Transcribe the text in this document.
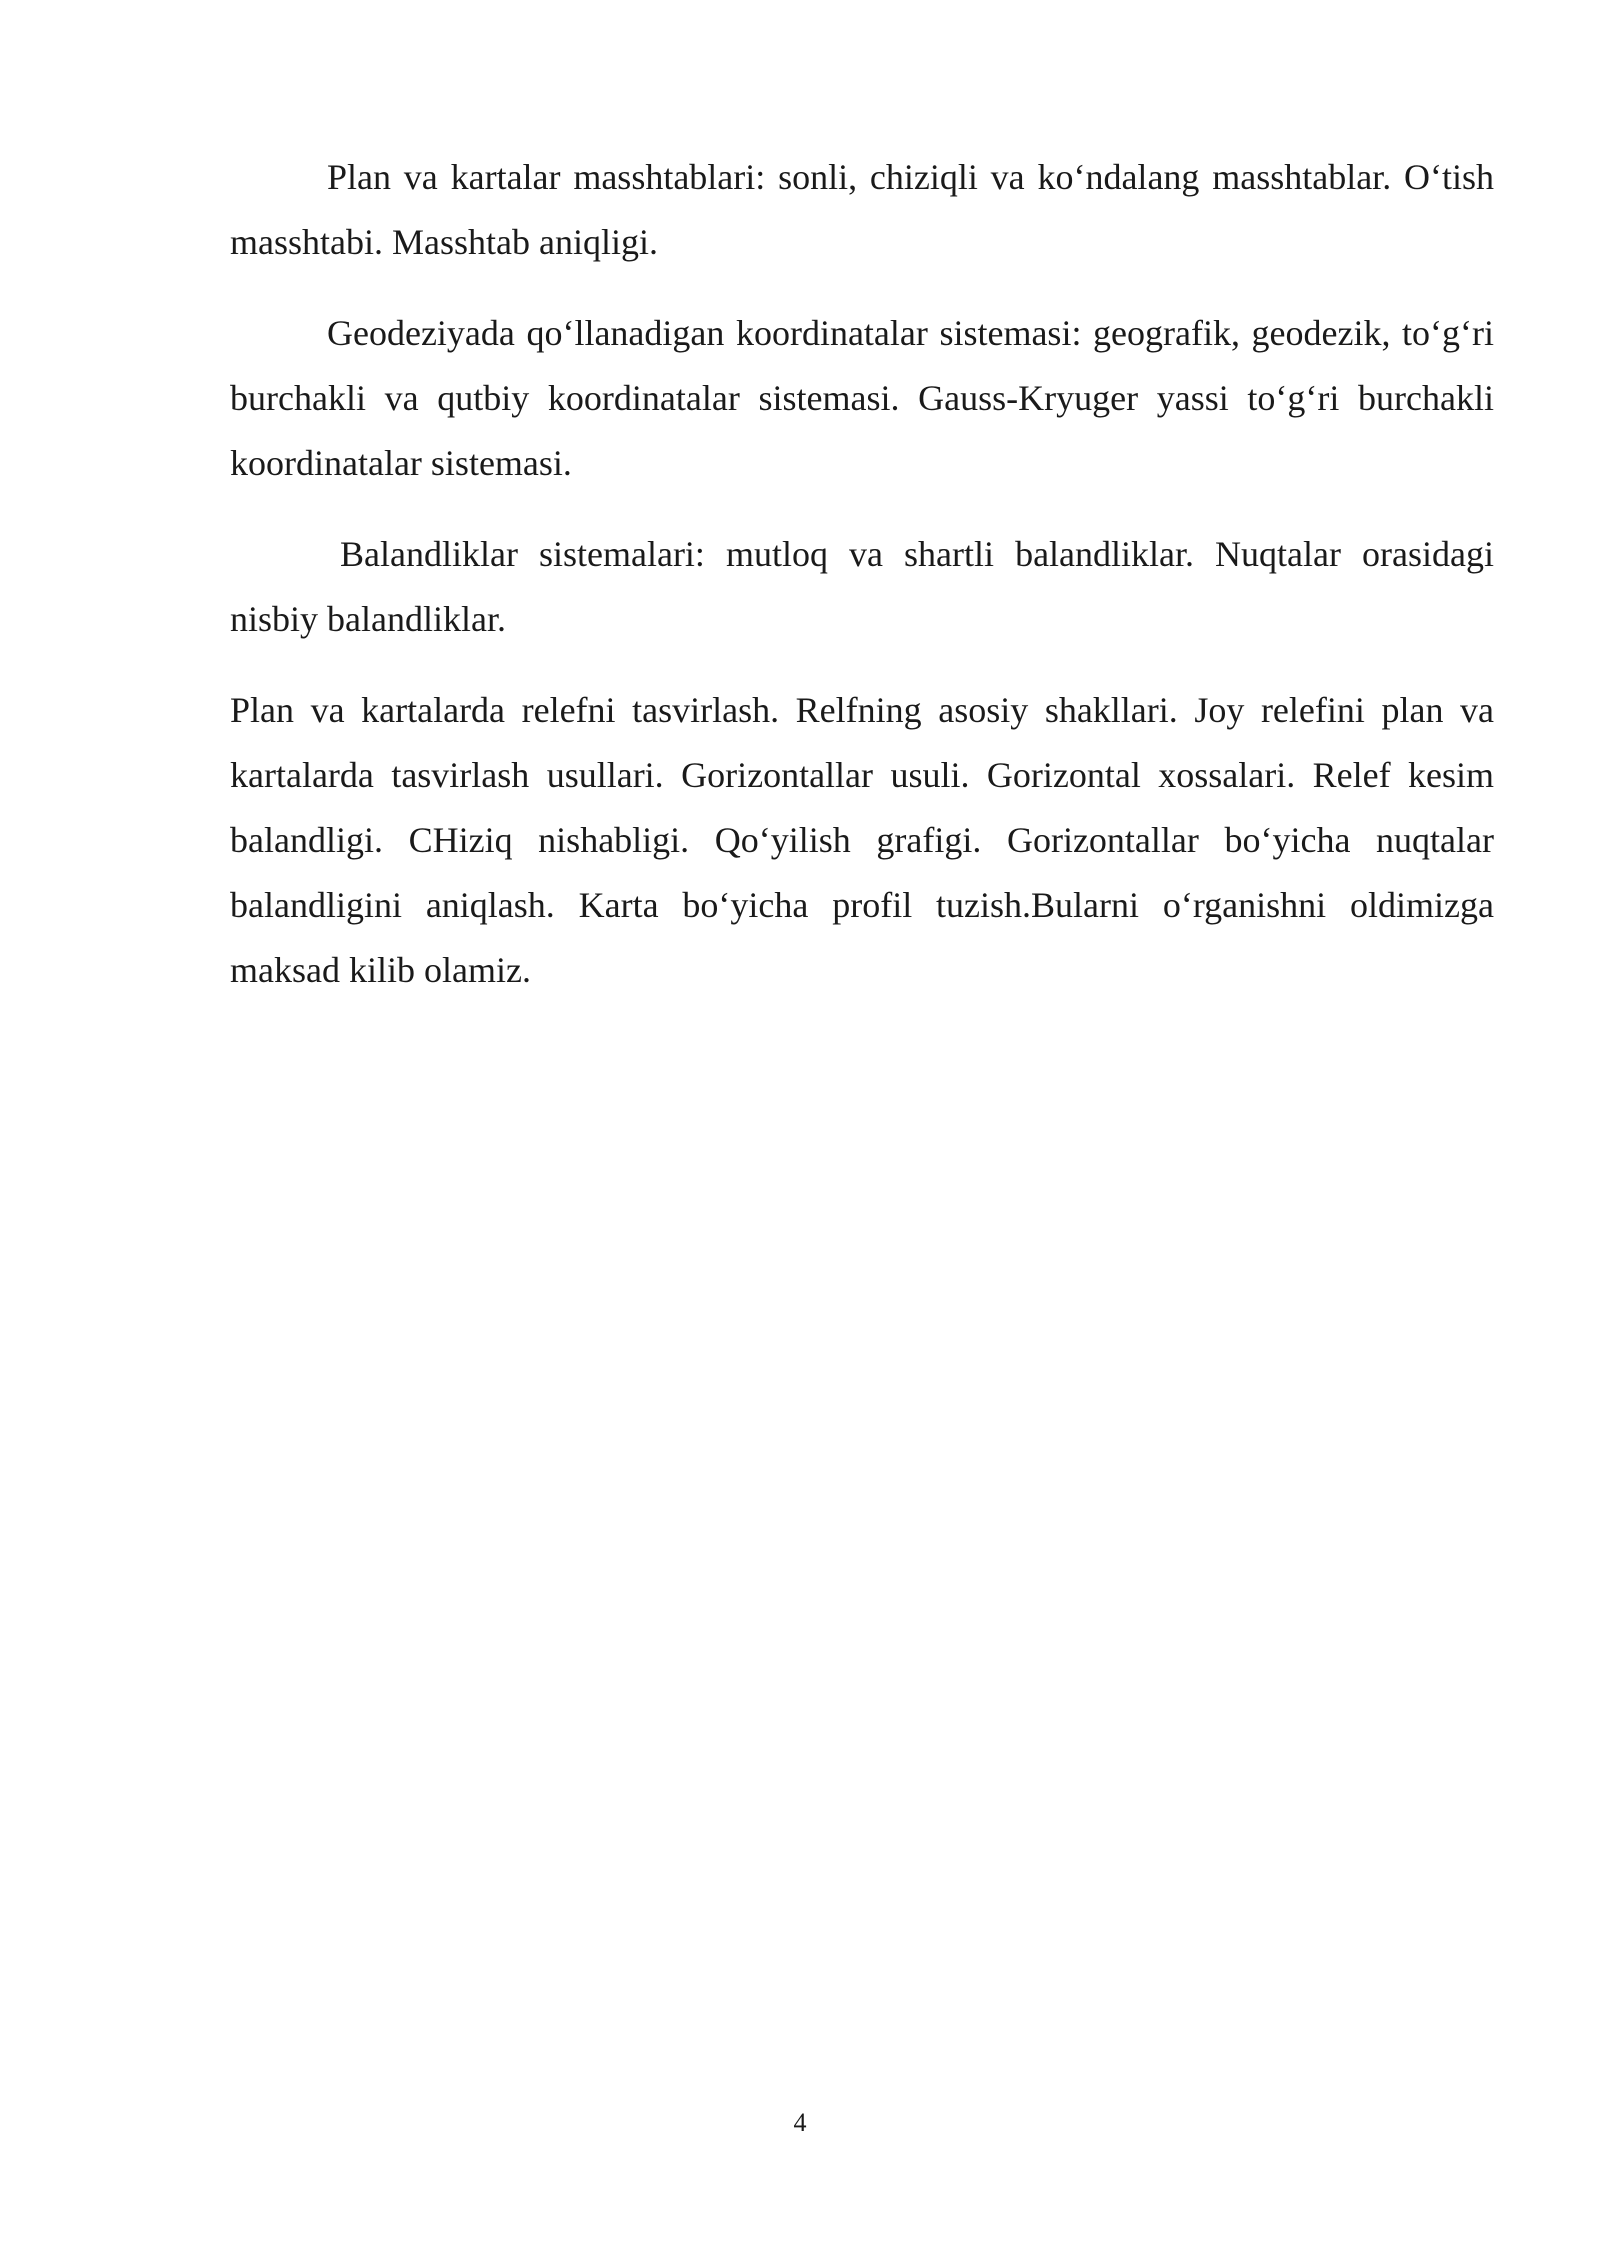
Plan va kartalar masshtablari: sonli, chiziqli va ko‘ndalang masshtablar. O‘tish masshtabi. Masshtab aniqligi.

Geodeziyada qo‘llanadigan koordinatalar sistemasi: geografik, geodezik, to‘g‘ri burchakli va qutbiy koordinatalar sistemasi. Gauss-Kryuger yassi to‘g‘ri burchakli koordinatalar sistemasi.

Balandliklar sistemalari: mutloq va shartli balandliklar. Nuqtalar orasidagi nisbiy balandliklar.

Plan va kartalarda relefni tasvirlash. Relfning asosiy shakllari. Joy relefini plan va kartalarda tasvirlash usullari. Gorizontallar usuli. Gorizontal xossalari. Relef kesim balandligi. CHiziq nishabligi. Qo‘yilish grafigi. Gorizontallar bo‘yicha nuqtalar balandligini aniqlash. Karta bo‘yicha profil tuzish.Bularni o‘rganishni oldimizga maksad kilib olamiz.

4
